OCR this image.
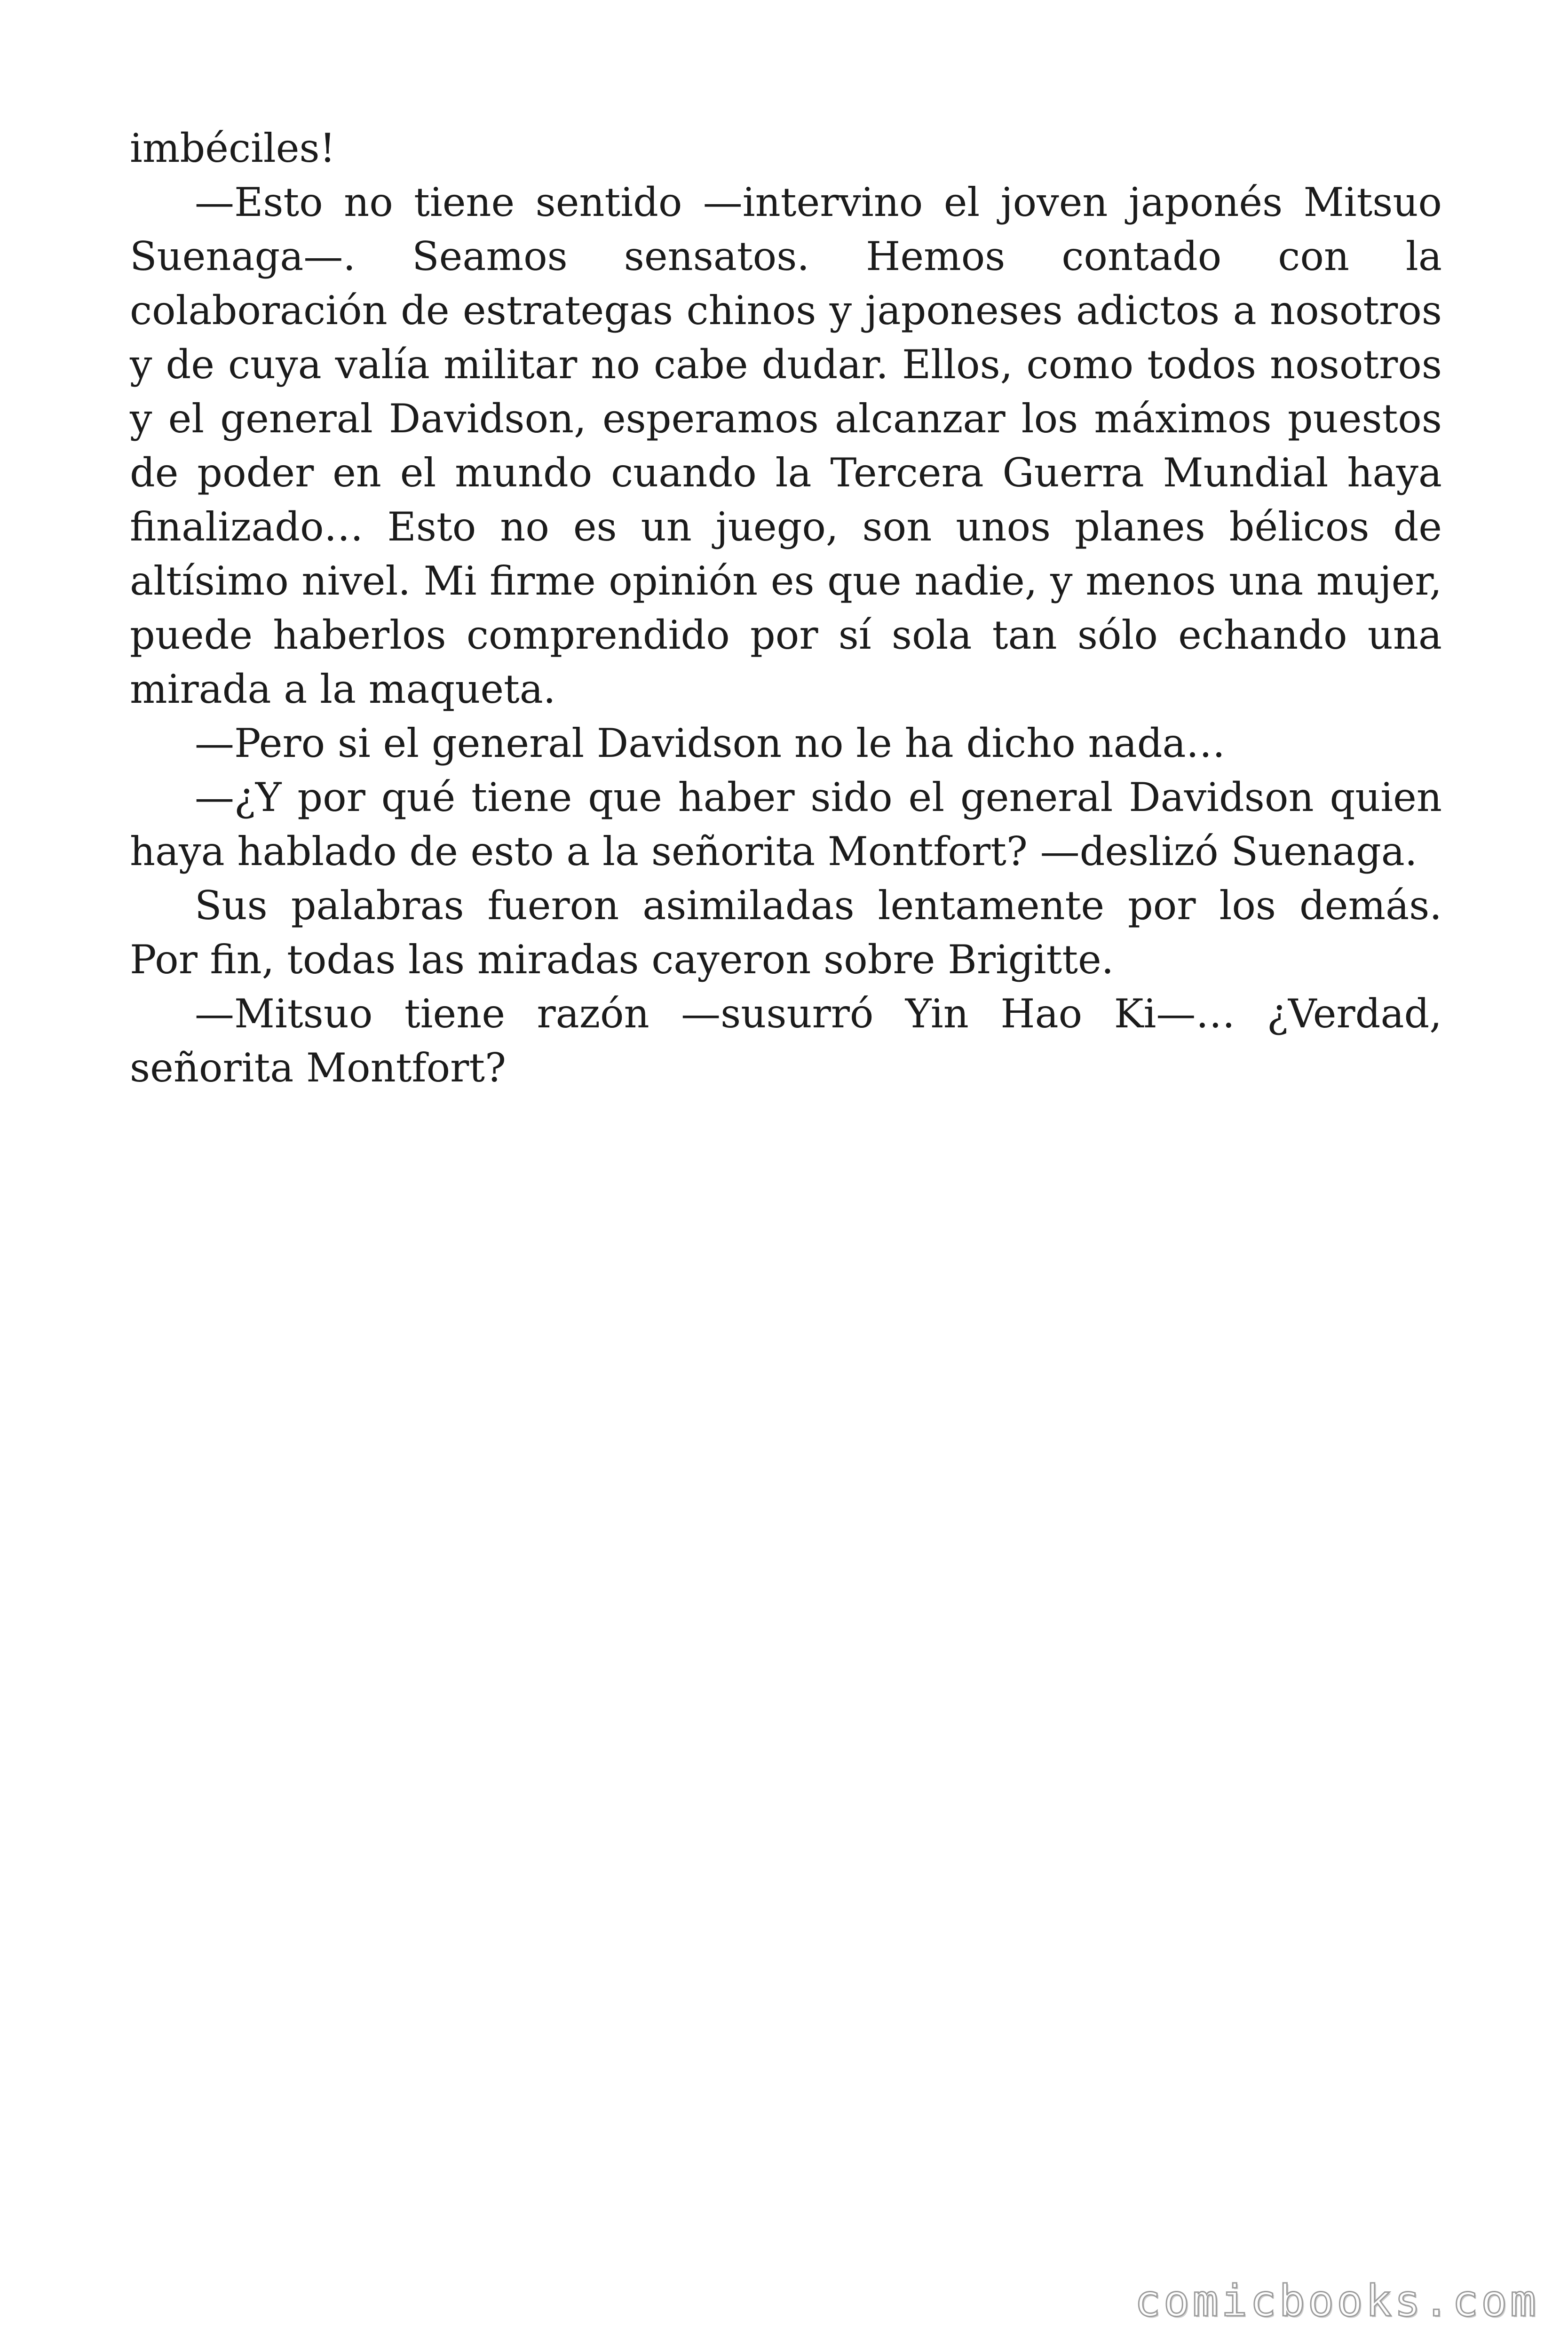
imbéciles!

—Esto no tiene sentido —intervino el joven japonés Mitsuo Suenaga—. Seamos sensatos. Hemos contado con la colaboración de estrategas chinos y japoneses adictos a nosotros y de cuya valía militar no cabe dudar. Ellos, como todos nosotros y el general Davidson, esperamos alcanzar los máximos puestos de poder en el mundo cuando la Tercera Guerra Mundial haya finalizado… Esto no es un juego, son unos planes bélicos de altísimo nivel. Mi firme opinión es que nadie, y menos una mujer, puede haberlos comprendido por sí sola tan sólo echando una mirada a la maqueta.

—Pero si el general Davidson no le ha dicho nada…

—¿Y por qué tiene que haber sido el general Davidson quien haya hablado de esto a la señorita Montfort? —deslizó Suenaga.

Sus palabras fueron asimiladas lentamente por los demás. Por fin, todas las miradas cayeron sobre Brigitte.

—Mitsuo tiene razón —susurró Yin Hao Ki—… ¿Verdad, señorita Montfort?

comicbooks.com
